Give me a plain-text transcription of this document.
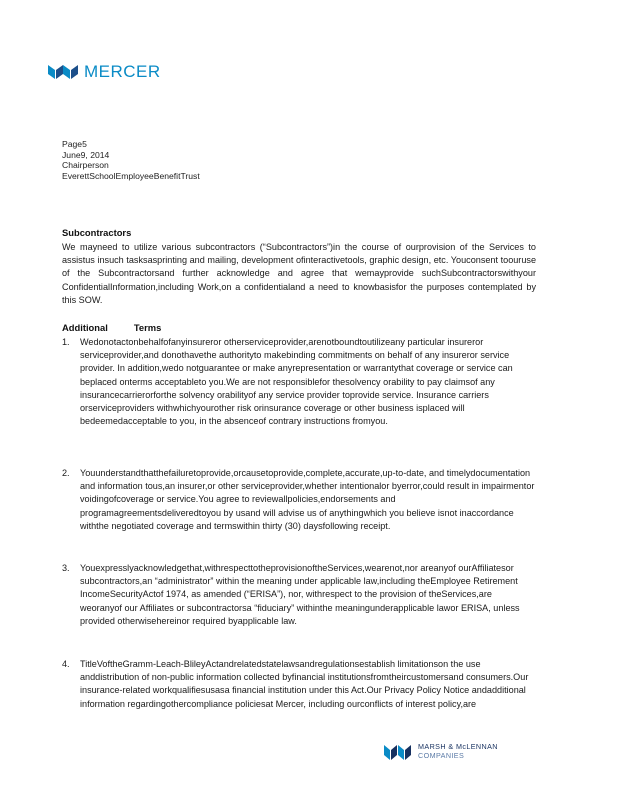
MERCER
Page5
June9, 2014
Chairperson
EverettSchoolEmployeeBenefitTrust
Subcontractors
We mayneed to utilize various subcontractors (“Subcontractors”)in the course of ourprovision of the Services to assistus insuch tasksasprinting and mailing, development ofinteractivetools, graphic design, etc. Youconsent toouruse of the Subcontractorsand further acknowledge and agree that wemayprovide suchSubcontractorswithyour ConfidentialInformation,including Work,on a confidentialand a need to knowbasisfor the purposes contemplated by this SOW.
Additional          Terms
1.	Wedonotactonbehalfofanyinsureror otherserviceprovider,arenotboundtoutilizeany particular insureror serviceprovider,and donothavethe authorityto makebinding commitments on behalf of any insureror service provider. In addition,wedo notguarantee or make anyrepresentation or warrantythat coverage or service can beplaced onterms acceptableto you.We are not responsiblefor thesolvency orability to pay claimsof any insurancecarrierorforthe solvency orabilityof any service provider toprovide service. Insurance carriers orserviceproviders withwhichyourother risk orinsurance coverage or other business isplaced will bedeemedacceptable to you, in the absenceof contrary instructions fromyou.
2.	Youunderstandthatthefailuretoprovide,orcausetoprovide,complete,accurate,up-to-date, and timelydocumentation and information tous,an insurer,or other serviceprovider,whether intentionalor byerror,could result in impairmentor voidingofcoverage or service.You agree to reviewallpolicies,endorsements and programagreementsdeliveredtoyou by usand will advise us of anythingwhich you believe isnot inaccordance withthe negotiated coverage and termswithin thirty (30) daysfollowing receipt.
3.	Youexpresslyacknowledgethat,withrespecttotheprovisionoftheServices,wearenot,nor areanyof ourAffiliatesor subcontractors,an “administrator” within the meaning under applicable law,including theEmployee Retirement IncomeSecurityActof 1974, as amended (“ERISA”), nor, withrespect to the provision of theServices,are weoranyof our Affiliates or subcontractorsa “fiduciary” withinthe meaningunderapplicable lawor ERISA, unless provided otherwisehereinor required byapplicable law.
4.	TitleVoftheGramm-Leach-BlileyActandrelatedstatelawsandregulationsestablish limitationson the use anddistribution of non-public information collected byfinancial institutionsfromtheircustomersand consumers.Our insurance-related workqualifiesusasa financial institution under this Act.Our Privacy Policy Notice andadditional information regardingothercompliance policiesat Mercer, including ourconflicts of interest policy,are
MARSH & McLENNAN
COMPANIES
